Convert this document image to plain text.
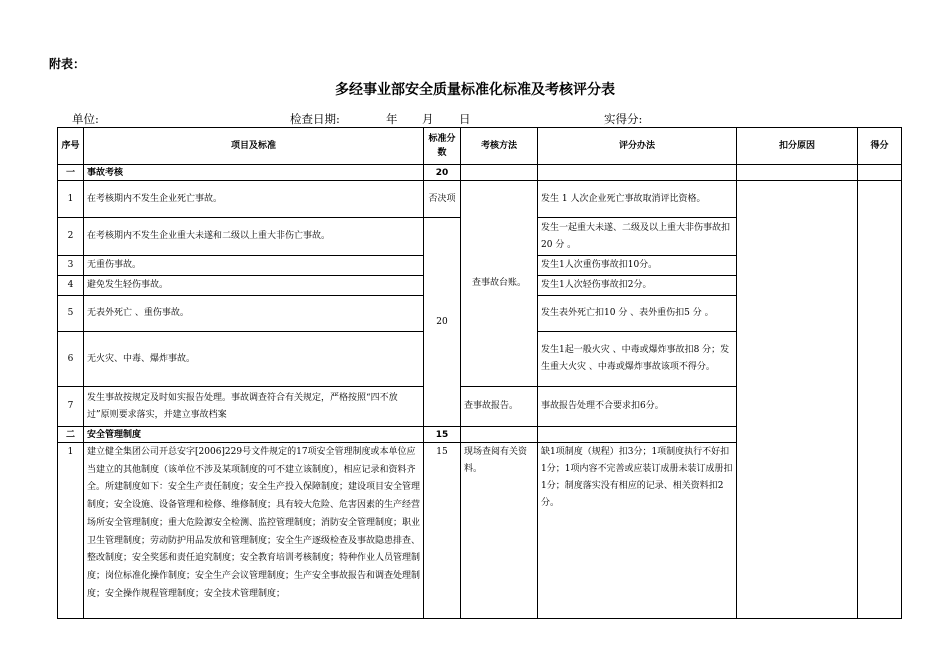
附表：
多经事业部安全质量标准化标准及考核评分表
单位:	检查日期:	年 月 日	实得分:
序号	项目及标准	标准分数	考核方法	评分办法	扣分原因	得分
一	事故考核	20				
1	在考核期内不发生企业死亡事故。	否决项	查事故台账。	发生 1 人次企业死亡事故取消评比资格。		
2	在考核期内不发生企业重大未遂和二级以上重大非伤亡事故。	20		发生一起重大未遂、二级及以上重大非伤事故扣20 分 。		
3	无重伤事故。			发生1人次重伤事故扣10分。		
4	避免发生轻伤事故。			发生1人次轻伤事故扣2分。		
5	无表外死亡 、重伤事故。			发生表外死亡扣10 分 、表外重伤扣5 分 。		
6	无火灾、中毒、爆炸事故。			发生1起一般火灾 、中毒或爆炸事故扣8 分；发生重大火灾 、中毒或爆炸事故该项不得分。		
7	发生事故按规定及时如实报告处理。事故调查符合有关规定，严格按照“四不放过”原则要求落实，并建立事故档案		查事故报告。	事故报告处理不合要求扣6分。		
二	安全管理制度	15				
1	建立健全集团公司开总安字[2006]229号文件规定的17项安全管理制度或本单位应当建立的其他制度（该单位不涉及某项制度的可不建立该制度），相应记录和资料齐全。所建制度如下：安全生产责任制度；安全生产投入保障制度；建设项目安全管理制度；安全设施、设备管理和检修、维修制度；具有较大危险、危害因素的生产经营场所安全管理制度；重大危险源安全检测、监控管理制度；消防安全管理制度；职业卫生管理制度；劳动防护用品发放和管理制度；安全生产逐级检查及事故隐患排查、整改制度；安全奖惩和责任追究制度；安全教育培训考核制度；特种作业人员管理制度；岗位标准化操作制度；安全生产会议管理制度；生产安全事故报告和调查处理制度；安全操作规程管理制度；安全技术管理制度；	15	现场查阅有关资料。	缺1项制度（规程）扣3分；1项制度执行不好扣1分；1项内容不完善或应装订成册未装订成册扣1分；制度落实没有相应的记录、相关资料扣2分。		
